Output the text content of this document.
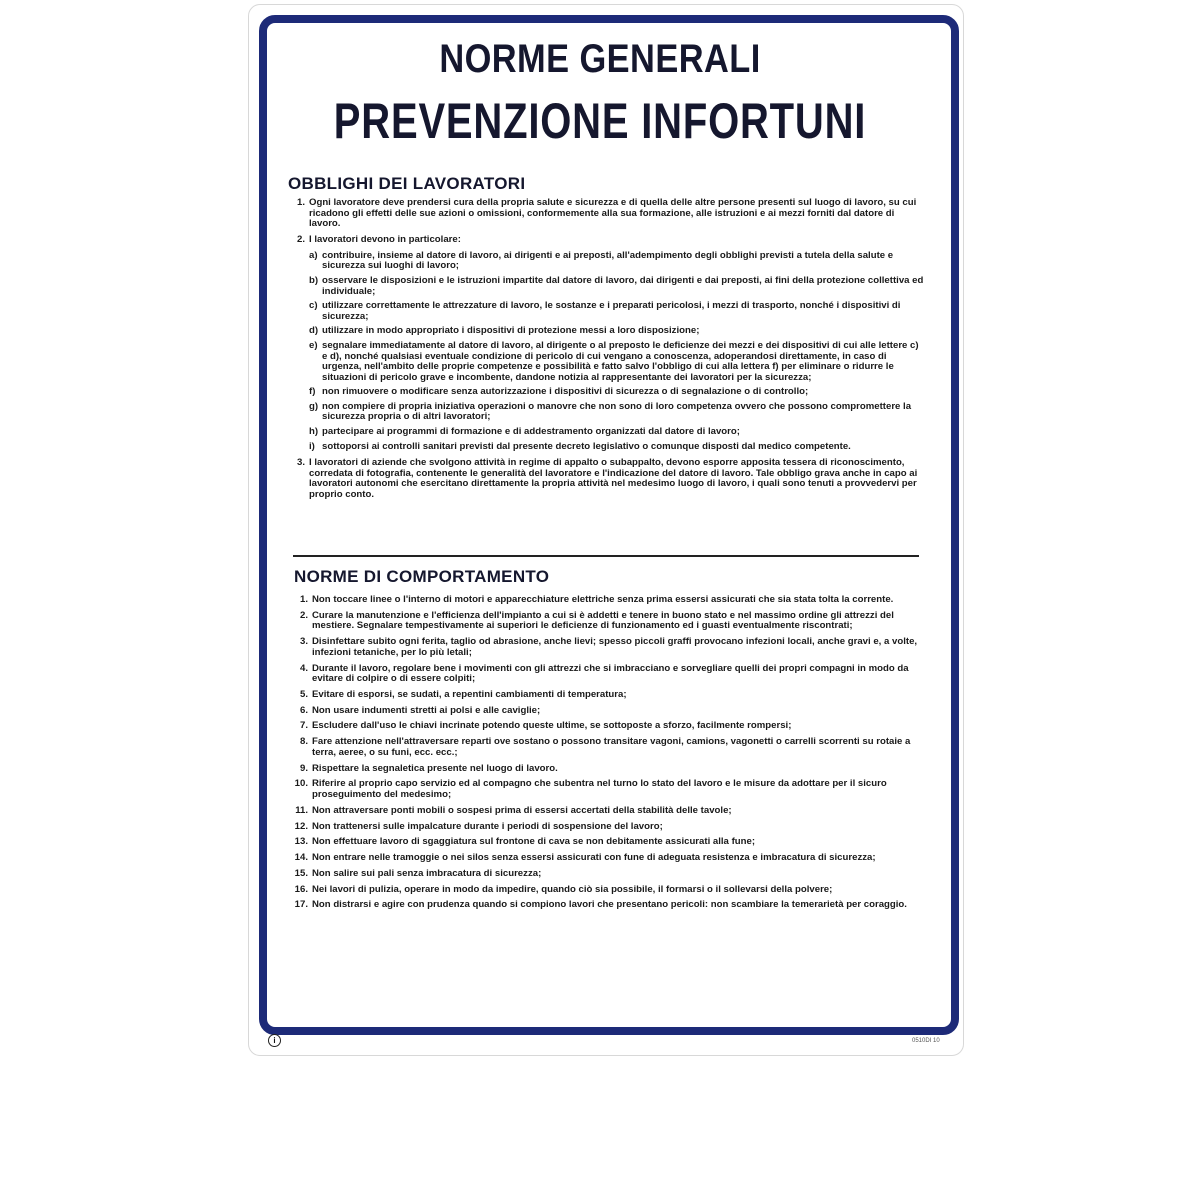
NORME GENERALI
PREVENZIONE INFORTUNI
OBBLIGHI DEI LAVORATORI
1. Ogni lavoratore deve prendersi cura della propria salute e sicurezza e di quella delle altre persone presenti sul luogo di lavoro, su cui ricadono gli effetti delle sue azioni o omissioni, conformemente alla sua formazione, alle istruzioni e ai mezzi forniti dal datore di lavoro.
2. I lavoratori devono in particolare:
a) contribuire, insieme al datore di lavoro, ai dirigenti e ai preposti, all'adempimento degli obblighi previsti a tutela della salute e sicurezza sui luoghi di lavoro;
b) osservare le disposizioni e le istruzioni impartite dal datore di lavoro, dai dirigenti e dai preposti, ai fini della protezione collettiva ed individuale;
c) utilizzare correttamente le attrezzature di lavoro, le sostanze e i preparati pericolosi, i mezzi di trasporto, nonché i dispositivi di sicurezza;
d) utilizzare in modo appropriato i dispositivi di protezione messi a loro disposizione;
e) segnalare immediatamente al datore di lavoro, al dirigente o al preposto le deficienze dei mezzi e dei dispositivi di cui alle lettere c) e d), nonché qualsiasi eventuale condizione di pericolo di cui vengano a conoscenza, adoperandosi direttamente, in caso di urgenza, nell'ambito delle proprie competenze e possibilità e fatto salvo l'obbligo di cui alla lettera f) per eliminare o ridurre le situazioni di pericolo grave e incombente, dandone notizia al rappresentante dei lavoratori per la sicurezza;
f) non rimuovere o modificare senza autorizzazione i dispositivi di sicurezza o di segnalazione o di controllo;
g) non compiere di propria iniziativa operazioni o manovre che non sono di loro competenza ovvero che possono compromettere la sicurezza propria o di altri lavoratori;
h) partecipare ai programmi di formazione e di addestramento organizzati dal datore di lavoro;
i) sottoporsi ai controlli sanitari previsti dal presente decreto legislativo o comunque disposti dal medico competente.
3. I lavoratori di aziende che svolgono attività in regime di appalto o subappalto, devono esporre apposita tessera di riconoscimento, corredata di fotografia, contenente le generalità del lavoratore e l'indicazione del datore di lavoro. Tale obbligo grava anche in capo ai lavoratori autonomi che esercitano direttamente la propria attività nel medesimo luogo di lavoro, i quali sono tenuti a provvedervi per proprio conto.
NORME DI COMPORTAMENTO
1. Non toccare linee o l'interno di motori e apparecchiature elettriche senza prima essersi assicurati che sia stata tolta la corrente.
2. Curare la manutenzione e l'efficienza dell'impianto a cui si è addetti e tenere in buono stato e nel massimo ordine gli attrezzi del mestiere. Segnalare tempestivamente ai superiori le deficienze di funzionamento ed i guasti eventualmente riscontrati;
3. Disinfettare subito ogni ferita, taglio od abrasione, anche lievi; spesso piccoli graffi provocano infezioni locali, anche gravi e, a volte, infezioni tetaniche, per lo più letali;
4. Durante il lavoro, regolare bene i movimenti con gli attrezzi che si imbracciano e sorvegliare quelli dei propri compagni in modo da evitare di colpire o di essere colpiti;
5. Evitare di esporsi, se sudati, a repentini cambiamenti di temperatura;
6. Non usare indumenti stretti ai polsi e alle caviglie;
7. Escludere dall'uso le chiavi incrinate potendo queste ultime, se sottoposte a sforzo, facilmente rompersi;
8. Fare attenzione nell'attraversare reparti ove sostano o possono transitare vagoni, camions, vagonetti o carrelli scorrenti su rotaie a terra, aeree, o su funi, ecc. ecc.;
9. Rispettare la segnaletica presente nel luogo di lavoro.
10. Riferire al proprio capo servizio ed al compagno che subentra nel turno lo stato del lavoro e le misure da adottare per il sicuro proseguimento del medesimo;
11. Non attraversare ponti mobili o sospesi prima di essersi accertati della stabilità delle tavole;
12. Non trattenersi sulle impalcature durante i periodi di sospensione del lavoro;
13. Non effettuare lavoro di sgaggiatura sul frontone di cava se non debitamente assicurati alla fune;
14. Non entrare nelle tramoggie o nei silos senza essersi assicurati con fune di adeguata resistenza e imbracatura di sicurezza;
15. Non salire sui pali senza imbracatura di sicurezza;
16. Nei lavori di pulizia, operare in modo da impedire, quando ciò sia possibile, il formarsi o il sollevarsi della polvere;
17. Non distrarsi e agire con prudenza quando si compiono lavori che presentano pericoli: non scambiare la temerarietà per coraggio.
i	0510DI 10
